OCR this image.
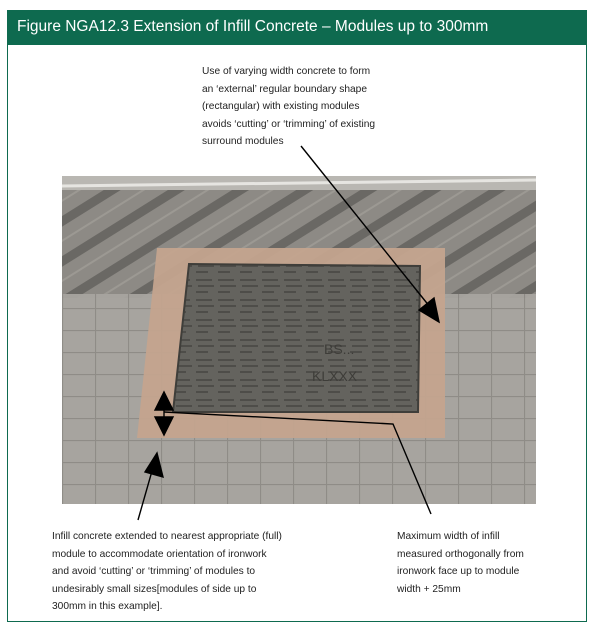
Figure NGA12.3 Extension of Infill Concrete – Modules up to 300mm
Use of varying width concrete to form
an ‘external’ regular boundary shape
(rectangular) with existing modules
avoids ‘cutting’ or ‘trimming’ of existing
surround modules
BS...
KLXXX
Infill concrete extended to nearest appropriate (full)
module to accommodate orientation of ironwork
and avoid ‘cutting’ or ‘trimming’ of modules to
undesirably small sizes[modules of side up to
300mm in this example].
Maximum width of infill
measured orthogonally from
ironwork face up to module
width + 25mm
